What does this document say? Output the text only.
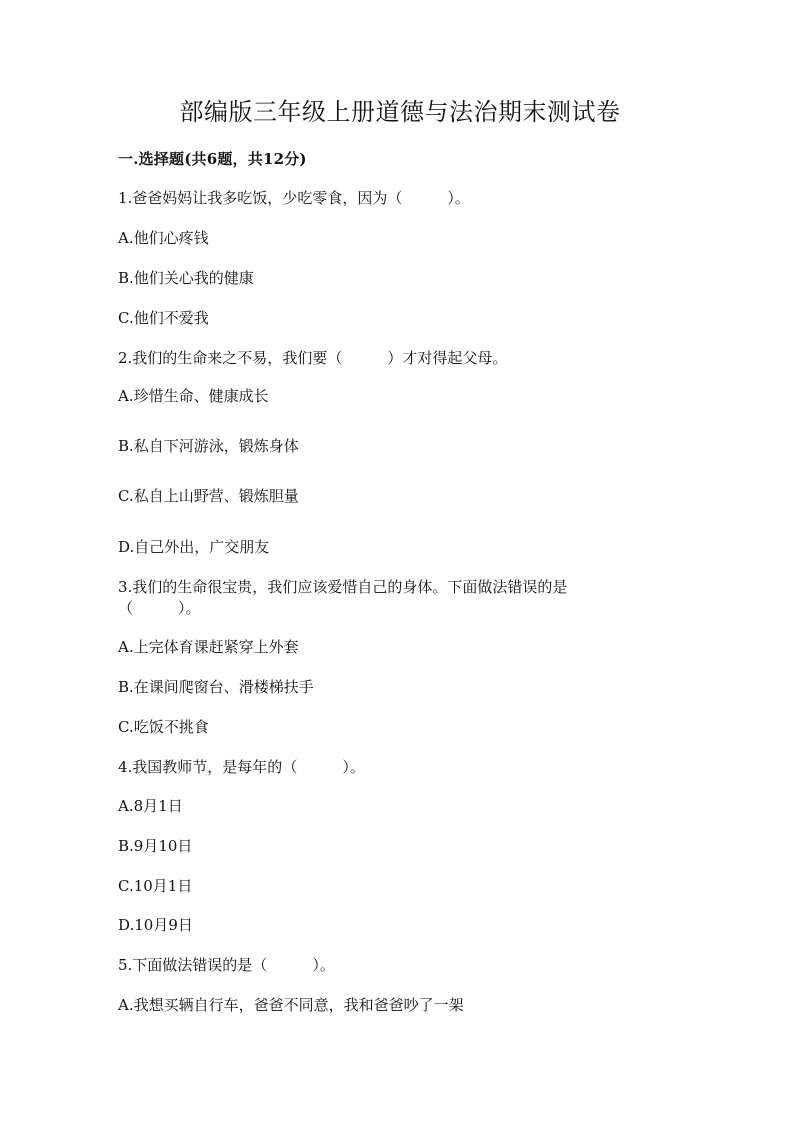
部编版三年级上册道德与法治期末测试卷
一.选择题(共6题，共12分)
1.爸爸妈妈让我多吃饭，少吃零食，因为（　　　）。
A.他们心疼钱
B.他们关心我的健康
C.他们不爱我
2.我们的生命来之不易，我们要（　　　）才对得起父母。
A.珍惜生命、健康成长
B.私自下河游泳，锻炼身体
C.私自上山野营、锻炼胆量
D.自己外出，广交朋友
3.我们的生命很宝贵，我们应该爱惜自己的身体。下面做法错误的是
（　　　）。
A.上完体育课赶紧穿上外套
B.在课间爬窗台、滑楼梯扶手
C.吃饭不挑食
4.我国教师节，是每年的（　　　）。
A.8月1日
B.9月10日
C.10月1日
D.10月9日
5.下面做法错误的是（　　　）。
A.我想买辆自行车，爸爸不同意，我和爸爸吵了一架
